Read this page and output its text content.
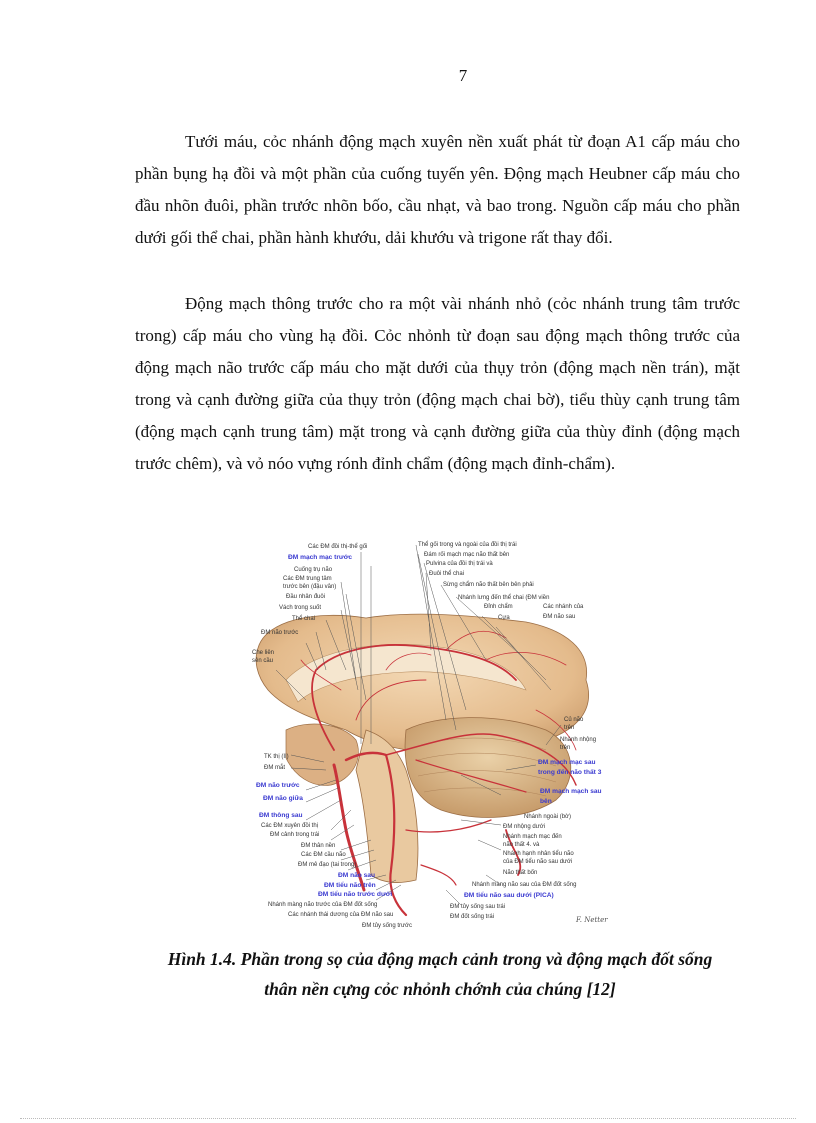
7

Tưới máu, cỏc nhánh động mạch xuyên nền xuất phát từ đoạn A1 cấp máu cho phần bụng hạ đồi và một phần của cuống tuyến yên. Động mạch Heubner cấp máu cho đầu nhõn đuôi, phần trước nhõn bốo, cầu nhạt, và bao trong. Nguồn cấp máu cho phần dưới gối thể chai, phần hành khướu, dải khướu và trigone rất thay đổi.

Động mạch thông trước cho ra một vài nhánh nhỏ (cỏc nhánh trung tâm trước trong) cấp máu cho vùng hạ đồi. Cỏc nhỏnh từ đoạn sau động mạch thông trước của động mạch não trước cấp máu cho mặt dưới của thụy trỏn (động mạch nền trán), mặt trong và cạnh đường giữa của thụy trỏn (động mạch chai bờ), tiểu thùy cạnh trung tâm (động mạch cạnh trung tâm) mặt trong và cạnh đường giữa của thùy đỉnh (động mạch trước chêm), và vỏ nóo vựng rónh đỉnh chẩm (động mạch đỉnh-chẩm).

Các ĐM đồi thị-thể gối
ĐM mạch mạc trước
Cuống trụ não
Các ĐM trung tâm
trước bên (đậu vân)
Đầu nhân đuôi
Vách trong suốt
Thể chai
ĐM não trước
Che liên
sên cầu
TK thị (II)
ĐM mắt
ĐM não trước
ĐM não giữa
ĐM thông sau
Các ĐM xuyên đồi thị
ĐM cảnh trong trái
ĐM thân nền
Các ĐM cầu não
ĐM mê đạo (tai trong)
ĐM não sau
ĐM tiểu não trên
ĐM tiểu não trước dưới
Nhánh màng não trước của ĐM đốt sống
Các nhánh thái dương của ĐM não sau
ĐM tủy sống trước
Thể gối trong và ngoài của đồi thị trái
Đám rối mạch mạc não thất bên
Pulvina của đồi thị trái và
Đuôi thể chai
Sừng chẩm não thất bên bên phải
Nhánh lưng đến thể chai (ĐM viền
Đỉnh chẩm	Các nhánh của
Cựa	ĐM não sau
Củ não
trên
Nhánh nhộng
trên
ĐM mạch mạc sau
trong đến não thất 3
ĐM mạch mạch sau
bên
Nhánh ngoài (bờ)
ĐM nhộng dưới
Nhánh mạch mạc đến
não thất 4. và
Nhánh hạnh nhân tiểu não
của ĐM tiểu não sau dưới
Não thất bốn
Nhánh màng não sau của ĐM đốt sống
ĐM tiểu não sau dưới (PICA)
ĐM tủy sống sau trái
ĐM đốt sống trái	F. Netter
Hình 1.4. Phần trong sọ của động mạch cảnh trong và động mạch đốt sống
thân nền cựng cỏc nhỏnh chớnh của chúng [12]
